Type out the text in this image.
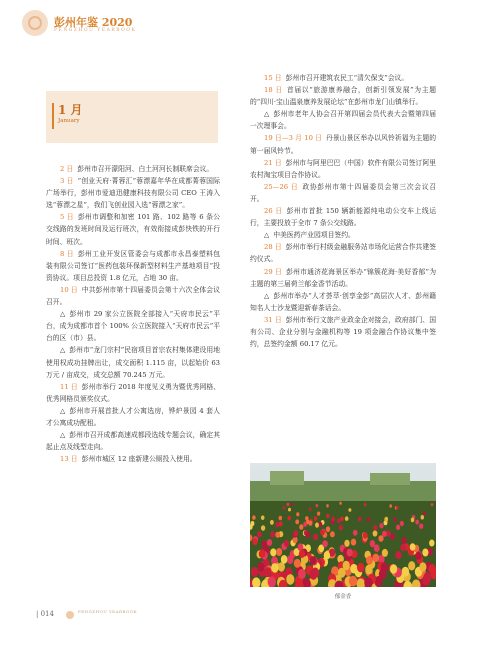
彭州年鉴 2020
PENGZHOU YEARBOOK
1 月
January

2 日 彭州市召开濛阳河、白土河河长制联席会议。

3 日 “创业天府·菁蓉汇”蓉漂嘉年华在成都菁蓉国际广场举行，彭州市爱迪迅健康科技有限公司 CEO 王涛入选“蓉漂之星”，我们飞创业园入选“蓉漂之家”。

5 日 彭州市调整和加密 101 路、102 路等 6 条公交线路的发班时间及运行班次，有效衔接成彭快铁的开行时间、班次。

8 日 彭州工业开发区管委会与成都市永昌泰塑料包装有限公司签订“医药包装环保新型材料生产基地项目”投资协议。项目总投资 1.8 亿元，占地 30 亩。

10 日 中共彭州市第十四届委员会第十六次全体会议召开。

△ 彭州市 29 家公立医院全部接入“天府市民云”平台，成为成都市首个 100% 公立医院接入“天府市民云”平台的区（市）县。

△ 彭州市“龙门宗村”民宿项目首宗农村集体建设用地使用权成功挂牌出让，成交面积 1.115 亩，以起始价 63 万元 / 亩成交，成交总额 70.245 万元。

11 日 彭州市举行 2018 年度见义勇为暨优秀网格、优秀网格员颁奖仪式。

△ 彭州市开展首批人才公寓选房，铧炉景园 4 套人才公寓成功配租。

△ 彭州市召开成都高速成都段选线专题会议，确定其起止点及线型走向。

13 日 彭州市城区 12 座新建公厕投入使用。

15 日 彭州市召开建筑农民工“清欠保支”会议。

18 日 首届以“旅游康养融合，创新引领发展”为主题的“四川·宝山温泉康养发展论坛”在彭州市龙门山镇举行。

△ 彭州市老年人协会召开第四届会员代表大会暨第四届一次理事会。

19 日—3 月 10 日 丹景山景区举办以风铃祈福为主题的第一届风铃节。

21 日 彭州市与阿里巴巴（中国）软件有限公司签订阿里农村淘宝项目合作协议。

25—26 日 政协彭州市第十四届委员会第三次会议召开。

26 日 彭州市首批 150 辆新能源纯电动公交车上线运行，主要投放于全市 7 条公交线路。

△ 中美医药产业园项目签约。

28 日 彭州市举行村级金融服务站市场化运营合作共建签约仪式。

29 日 彭州市通济花海景区举办“锦簇花海·美好香郁”为主题的第三届荷兰郁金香节活动。

△ 彭州市举办“人才荟萃·创享金彭”高层次人才、彭州籍知名人士沙龙暨迎新春茶话会。

31 日 彭州市举行文旅产业政金企对接会，政府部门、国有公司、企业分别与金融机构等 19 项金融合作协议集中签约，总签约金额 60.17 亿元。

郁金香
| 014	PENGZHOU YEARBOOK
